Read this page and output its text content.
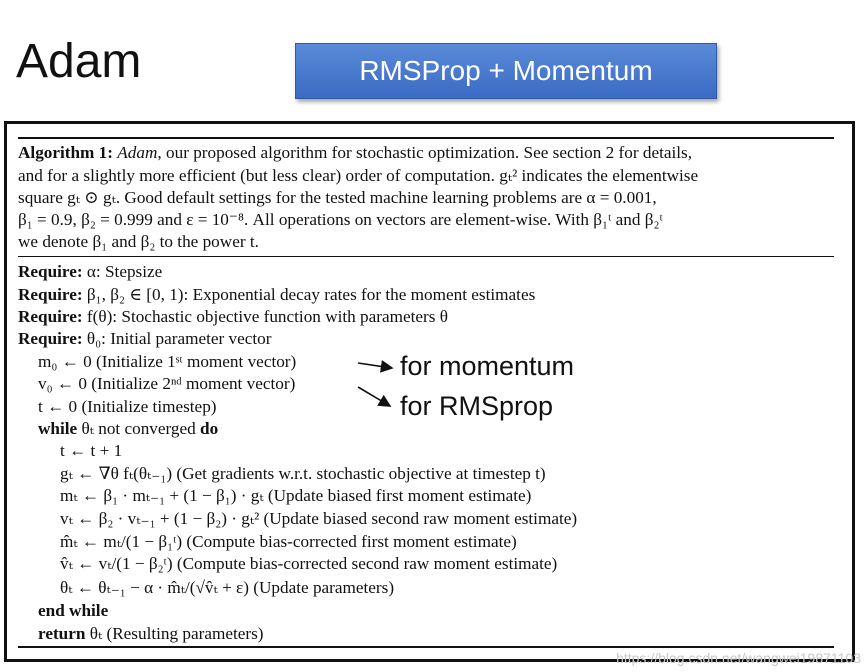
Adam	RMSProp + Momentum
Algorithm 1: Adam, our proposed algorithm for stochastic optimization. See section 2 for details,
and for a slightly more efficient (but less clear) order of computation. gₜ² indicates the elementwise
square gₜ ⊙ gₜ. Good default settings for the tested machine learning problems are α = 0.001,
β₁ = 0.9, β₂ = 0.999 and ε = 10⁻⁸. All operations on vectors are element-wise. With β₁ᵗ and β₂ᵗ
we denote β₁ and β₂ to the power t.
Require: α: Stepsize
Require: β₁, β₂ ∈ [0, 1): Exponential decay rates for the moment estimates
Require: f(θ): Stochastic objective function with parameters θ
Require: θ₀: Initial parameter vector
m₀ ← 0 (Initialize 1ˢᵗ moment vector)
v₀ ← 0 (Initialize 2ⁿᵈ moment vector)
t ← 0 (Initialize timestep)
while θₜ not converged do
t ← t + 1
gₜ ← ∇θ fₜ(θₜ₋₁) (Get gradients w.r.t. stochastic objective at timestep t)
mₜ ← β₁ · mₜ₋₁ + (1 − β₁) · gₜ (Update biased first moment estimate)
vₜ ← β₂ · vₜ₋₁ + (1 − β₂) · gₜ² (Update biased second raw moment estimate)
m̂ₜ ← mₜ/(1 − β₁ᵗ) (Compute bias-corrected first moment estimate)
v̂ₜ ← vₜ/(1 − β₂ᵗ) (Compute bias-corrected second raw moment estimate)
θₜ ← θₜ₋₁ − α · m̂ₜ/(√v̂ₜ + ε) (Update parameters)
end while
return θₜ (Resulting parameters)
for momentum
for RMSprop
https://blog.csdn.net/wangwei19871103
